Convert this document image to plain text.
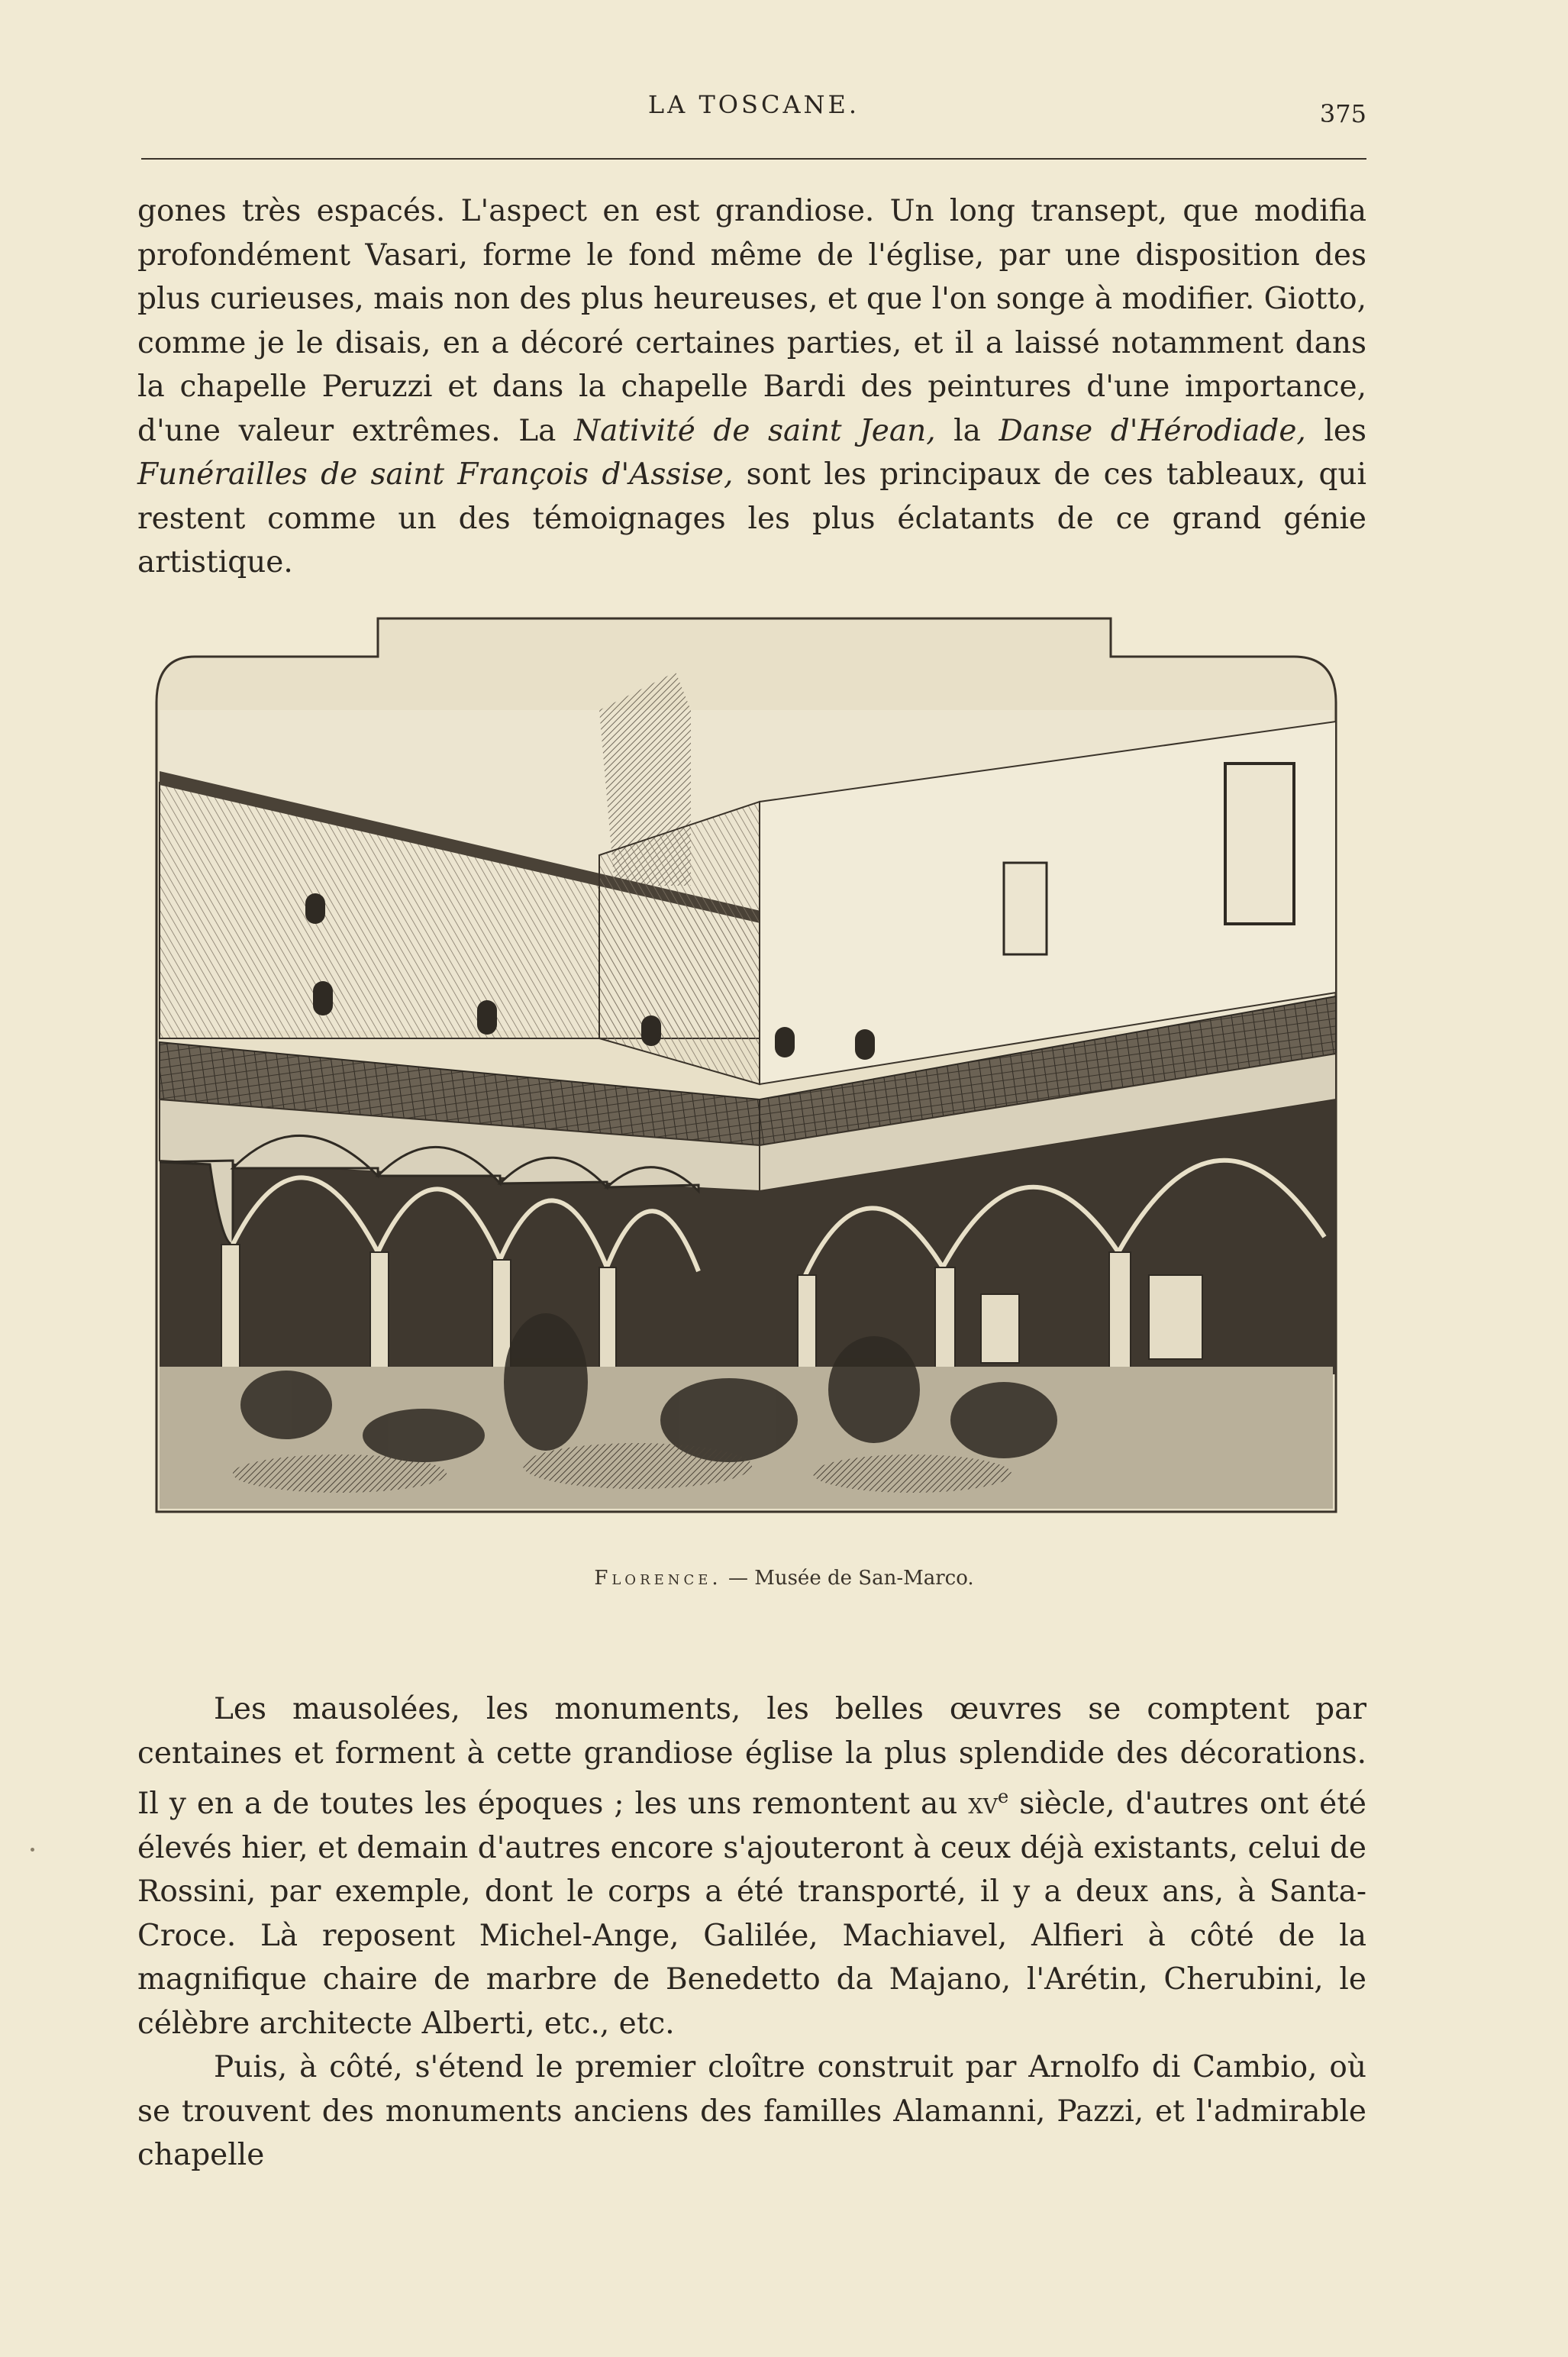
LA TOSCANE.	375

gones très espacés. L'aspect en est grandiose. Un long transept, que modifia profondément Vasari, forme le fond même de l'église, par une disposition des plus curieuses, mais non des plus heureuses, et que l'on songe à modifier. Giotto, comme je le disais, en a décoré certaines parties, et il a laissé notamment dans la chapelle Peruzzi et dans la chapelle Bardi des peintures d'une importance, d'une valeur extrêmes. La Nativité de saint Jean, la Danse d'Hérodiade, les Funérailles de saint François d'Assise, sont les principaux de ces tableaux, qui restent comme un des témoignages les plus éclatants de ce grand génie artistique.

Florence. — Musée de San-Marco.

Les mausolées, les monuments, les belles œuvres se comptent par centaines et forment à cette grandiose église la plus splendide des décorations. Il y en a de toutes les époques ; les uns remontent au $xv^e$ siècle, d'autres ont été élevés hier, et demain d'autres encore s'ajouteront à ceux déjà existants, celui de Rossini, par exemple, dont le corps a été transporté, il y a deux ans, à Santa-Croce. Là reposent Michel-Ange, Galilée, Machiavel, Alfieri à côté de la magnifique chaire de marbre de Benedetto da Majano, l'Arétin, Cherubini, le célèbre architecte Alberti, etc., etc.

Puis, à côté, s'étend le premier cloître construit par Arnolfo di Cambio, où se trouvent des monuments anciens des familles Alamanni, Pazzi, et l'admirable chapelle
